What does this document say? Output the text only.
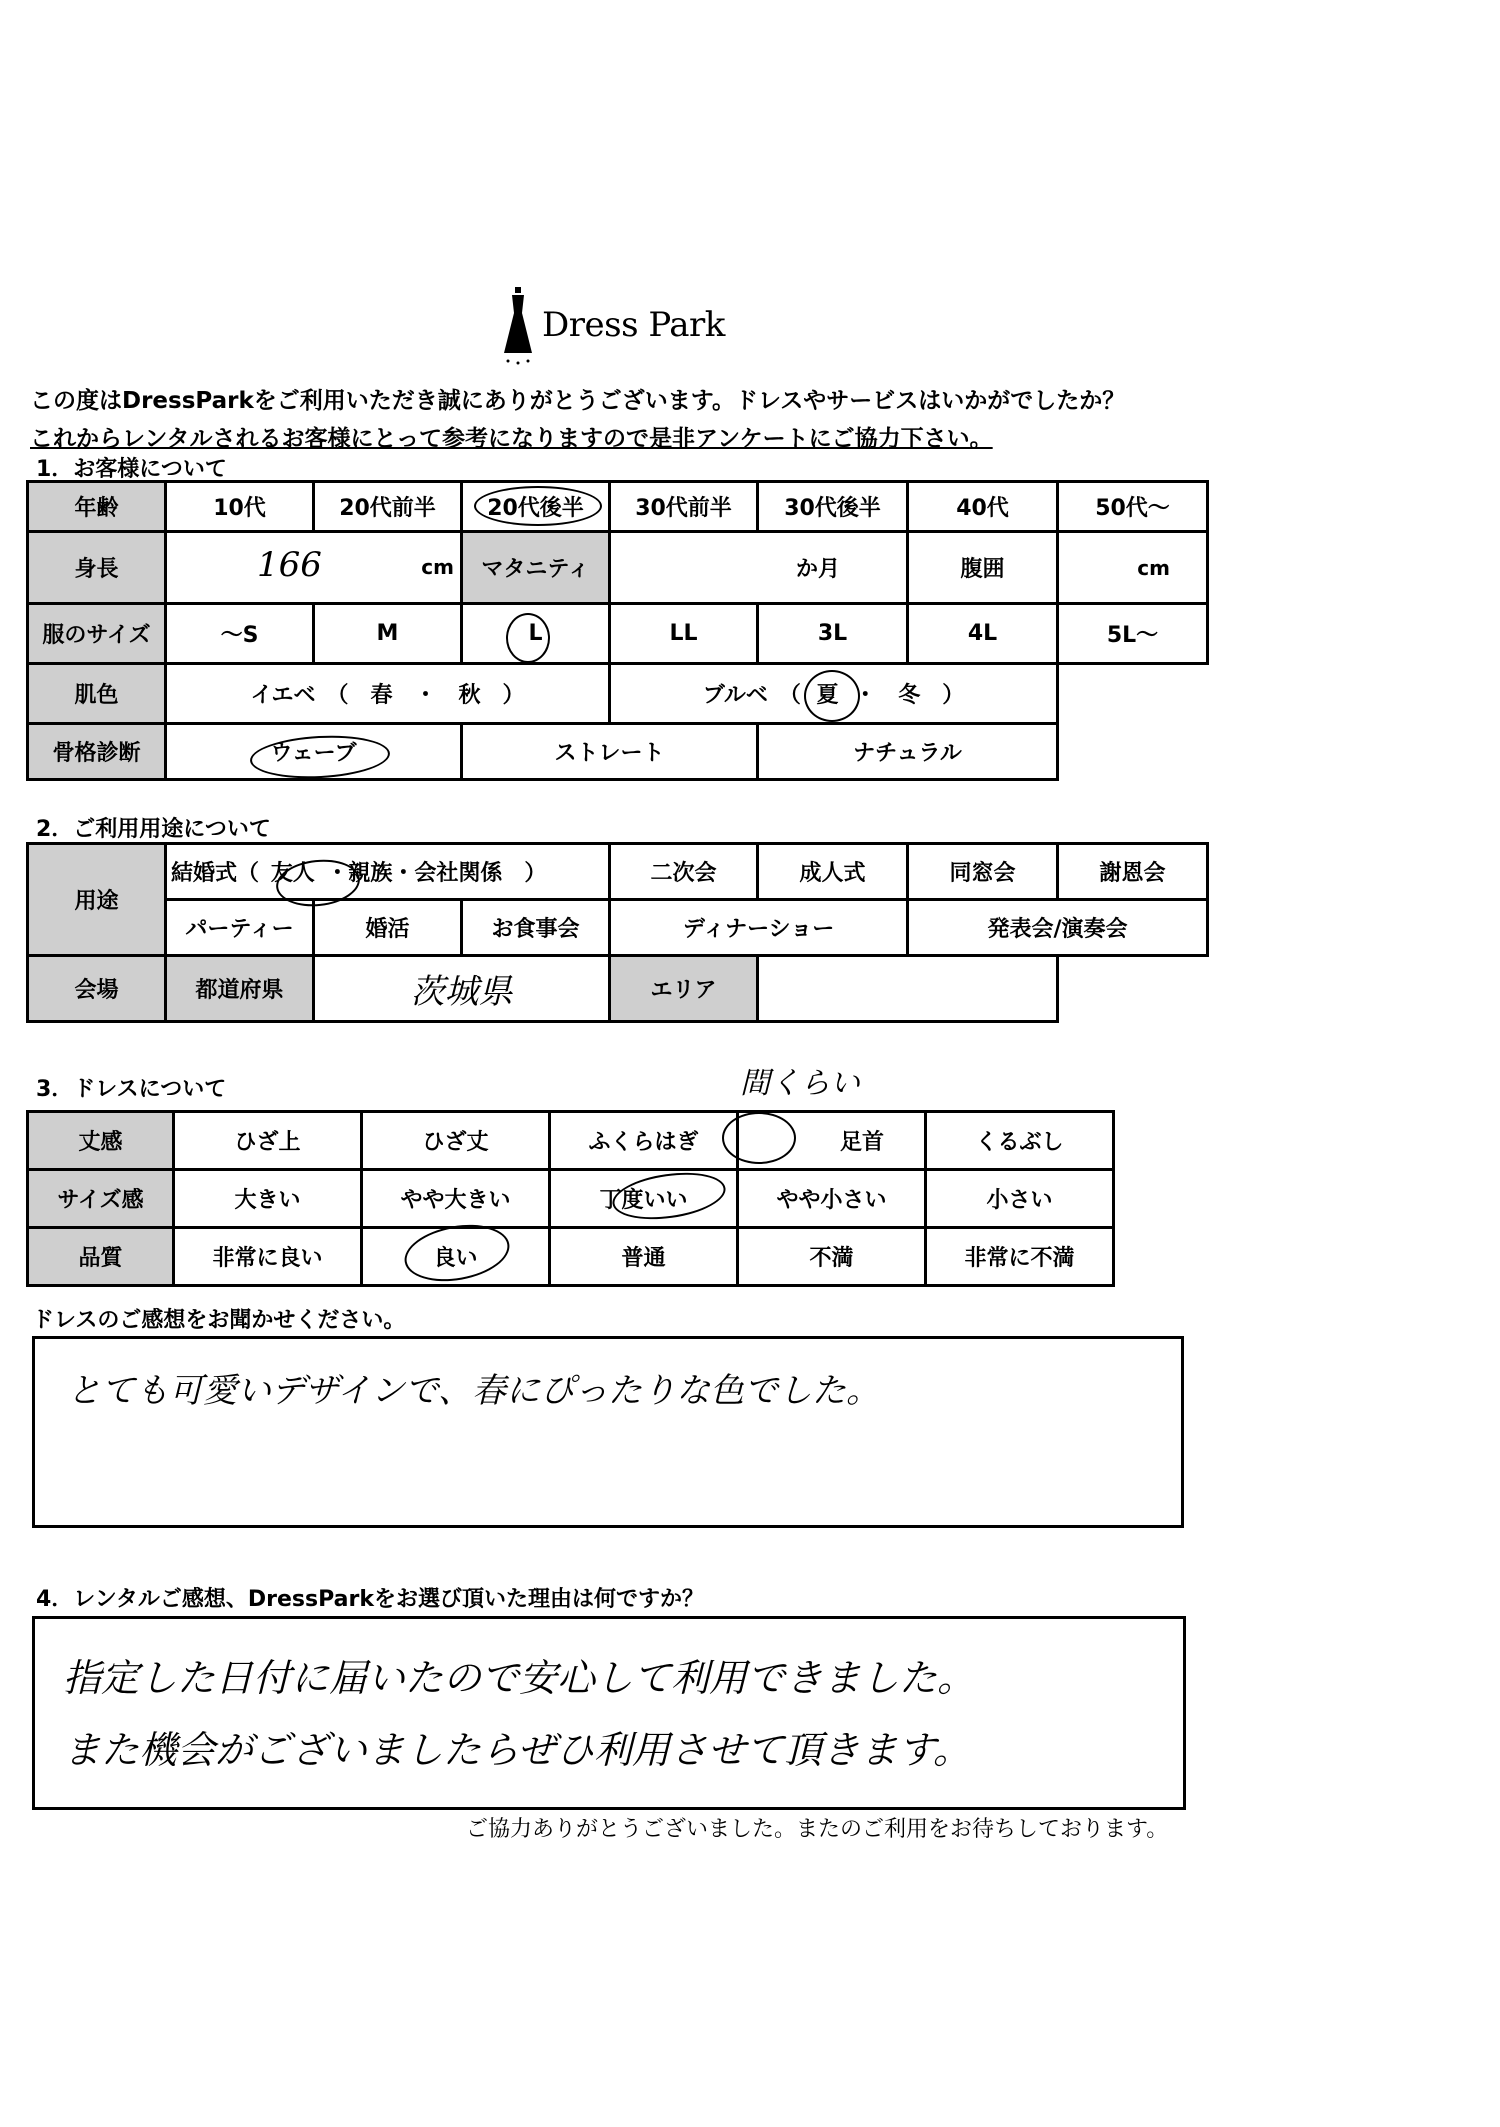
Dress Park
この度はDressParkをご利用いただき誠にありがとうございます。ドレスやサービスはいかがでしたか？
これからレンタルされるお客様にとって参考になりますので是非アンケートにご協力下さい。
1．お客様について
年齢	10代	20代前半	20代後半	30代前半	30代後半	40代	50代～
身長	166 cm		マタニティ	か月		腹囲	cm
服のサイズ	～S	M	L	LL	3L	4L	5L～
肌色	イエベ　（　春　・　秋　）			ブルベ　（ 夏 ・　冬　）			
骨格診断	ウェーブ		ストレート		ナチュラル		
2．ご利用用途について
用途	結婚式（ 友人 ・親族・会社関係　）			二次会	成人式	同窓会	謝恩会
	パーティー	婚活	お食事会	ディナーショー		発表会/演奏会	
会場	都道府県	茨城県		エリア			
3．ドレスについて	間くらい
丈感	ひざ上	ひざ丈	ふくらはぎ	足首	くるぶし
サイズ感	大きい	やや大きい	丁度いい	やや小さい	小さい
品質	非常に良い	良い	普通	不満	非常に不満
ドレスのご感想をお聞かせください。
とても可愛いデザインで、春にぴったりな色でした。
4．レンタルご感想、DressParkをお選び頂いた理由は何ですか？
指定した日付に届いたので安心して利用できました。
また機会がございましたらぜひ利用させて頂きます。
ご協力ありがとうございました。またのご利用をお待ちしております。
